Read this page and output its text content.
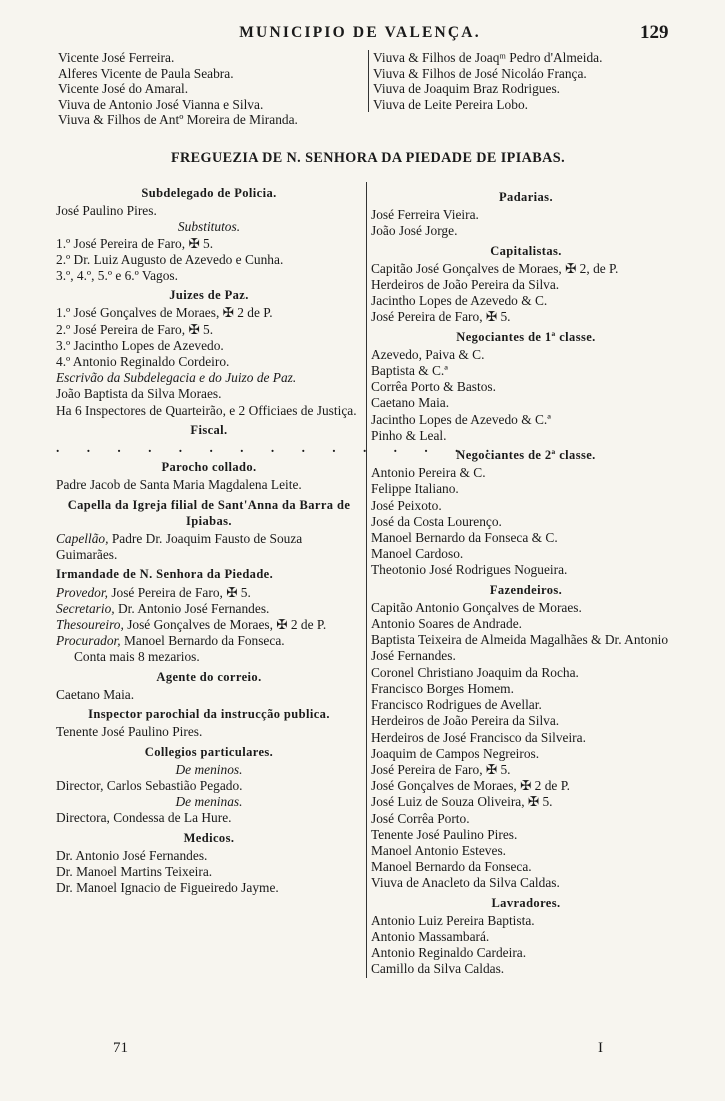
MUNICIPIO DE VALENÇA.	129
Vicente José Ferreira.
Alferes Vicente de Paula Seabra.
Vicente José do Amaral.
Viuva de Antonio José Vianna e Silva.
Viuva & Filhos de Antº Moreira de Miranda.
Viuva & Filhos de Joaqᵐ Pedro d'Almeida.
Viuva & Filhos de José Nicoláo França.
Viuva de Joaquim Braz Rodrigues.
Viuva de Leite Pereira Lobo.
FREGUEZIA DE N. SENHORA DA PIEDADE DE IPIABAS.
Subdelegado de Policia.
José Paulino Pires.
Substitutos.
1.º José Pereira de Faro, ✠ 5.
2.º Dr. Luiz Augusto de Azevedo e Cunha.
3.º, 4.º, 5.º e 6.º Vagos.
Juizes de Paz.
1.º José Gonçalves de Moraes, ✠ 2 de P.
2.º José Pereira de Faro, ✠ 5.
3.º Jacintho Lopes de Azevedo.
4.º Antonio Reginaldo Cordeiro.
Escrivão da Subdelegacia e do Juizo de Paz.
João Baptista da Silva Moraes.
Ha 6 Inspectores de Quarteirão, e 2 Officiaes de Justiça.
Fiscal.
. . . . . . . . . . . . . . .
Parocho collado.
Padre Jacob de Santa Maria Magdalena Leite.
Capella da Igreja filial de Sant'Anna da Barra de Ipiabas.
Capellão, Padre Dr. Joaquim Fausto de Souza Guimarães.
Irmandade de N. Senhora da Piedade.
Provedor, José Pereira de Faro, ✠ 5.
Secretario, Dr. Antonio José Fernandes.
Thesoureiro, José Gonçalves de Moraes, ✠ 2 de P.
Procurador, Manoel Bernardo da Fonseca.
Conta mais 8 mezarios.
Agente do correio.
Caetano Maia.
Inspector parochial da instrucção publica.
Tenente José Paulino Pires.
Collegios particulares.
De meninos.
Director, Carlos Sebastião Pegado.
De meninas.
Directora, Condessa de La Hure.
Medicos.
Dr. Antonio José Fernandes.
Dr. Manoel Martins Teixeira.
Dr. Manoel Ignacio de Figueiredo Jayme.
Padarias.
José Ferreira Vieira.
João José Jorge.
Capitalistas.
Capitão José Gonçalves de Moraes, ✠ 2, de P.
Herdeiros de João Pereira da Silva.
Jacintho Lopes de Azevedo & C.
José Pereira de Faro, ✠ 5.
Negociantes de 1ª classe.
Azevedo, Paiva & C.
Baptista & C.ª
Corrêa Porto & Bastos.
Caetano Maia.
Jacintho Lopes de Azevedo & C.ª
Pinho & Leal.
Negociantes de 2ª classe.
Antonio Pereira & C.
Felippe Italiano.
José Peixoto.
José da Costa Lourenço.
Manoel Bernardo da Fonseca & C.
Manoel Cardoso.
Theotonio José Rodrigues Nogueira.
Fazendeiros.
Capitão Antonio Gonçalves de Moraes.
Antonio Soares de Andrade.
Baptista Teixeira de Almeida Magalhães & Dr. Antonio José Fernandes.
Coronel Christiano Joaquim da Rocha.
Francisco Borges Homem.
Francisco Rodrigues de Avellar.
Herdeiros de João Pereira da Silva.
Herdeiros de José Francisco da Silveira.
Joaquim de Campos Negreiros.
José Pereira de Faro, ✠ 5.
José Gonçalves de Moraes, ✠ 2 de P.
José Luiz de Souza Oliveira, ✠ 5.
José Corrêa Porto.
Tenente José Paulino Pires.
Manoel Antonio Esteves.
Manoel Bernardo da Fonseca.
Viuva de Anacleto da Silva Caldas.
Lavradores.
Antonio Luiz Pereira Baptista.
Antonio Massambará.
Antonio Reginaldo Cardeira.
Camillo da Silva Caldas.
71	I
